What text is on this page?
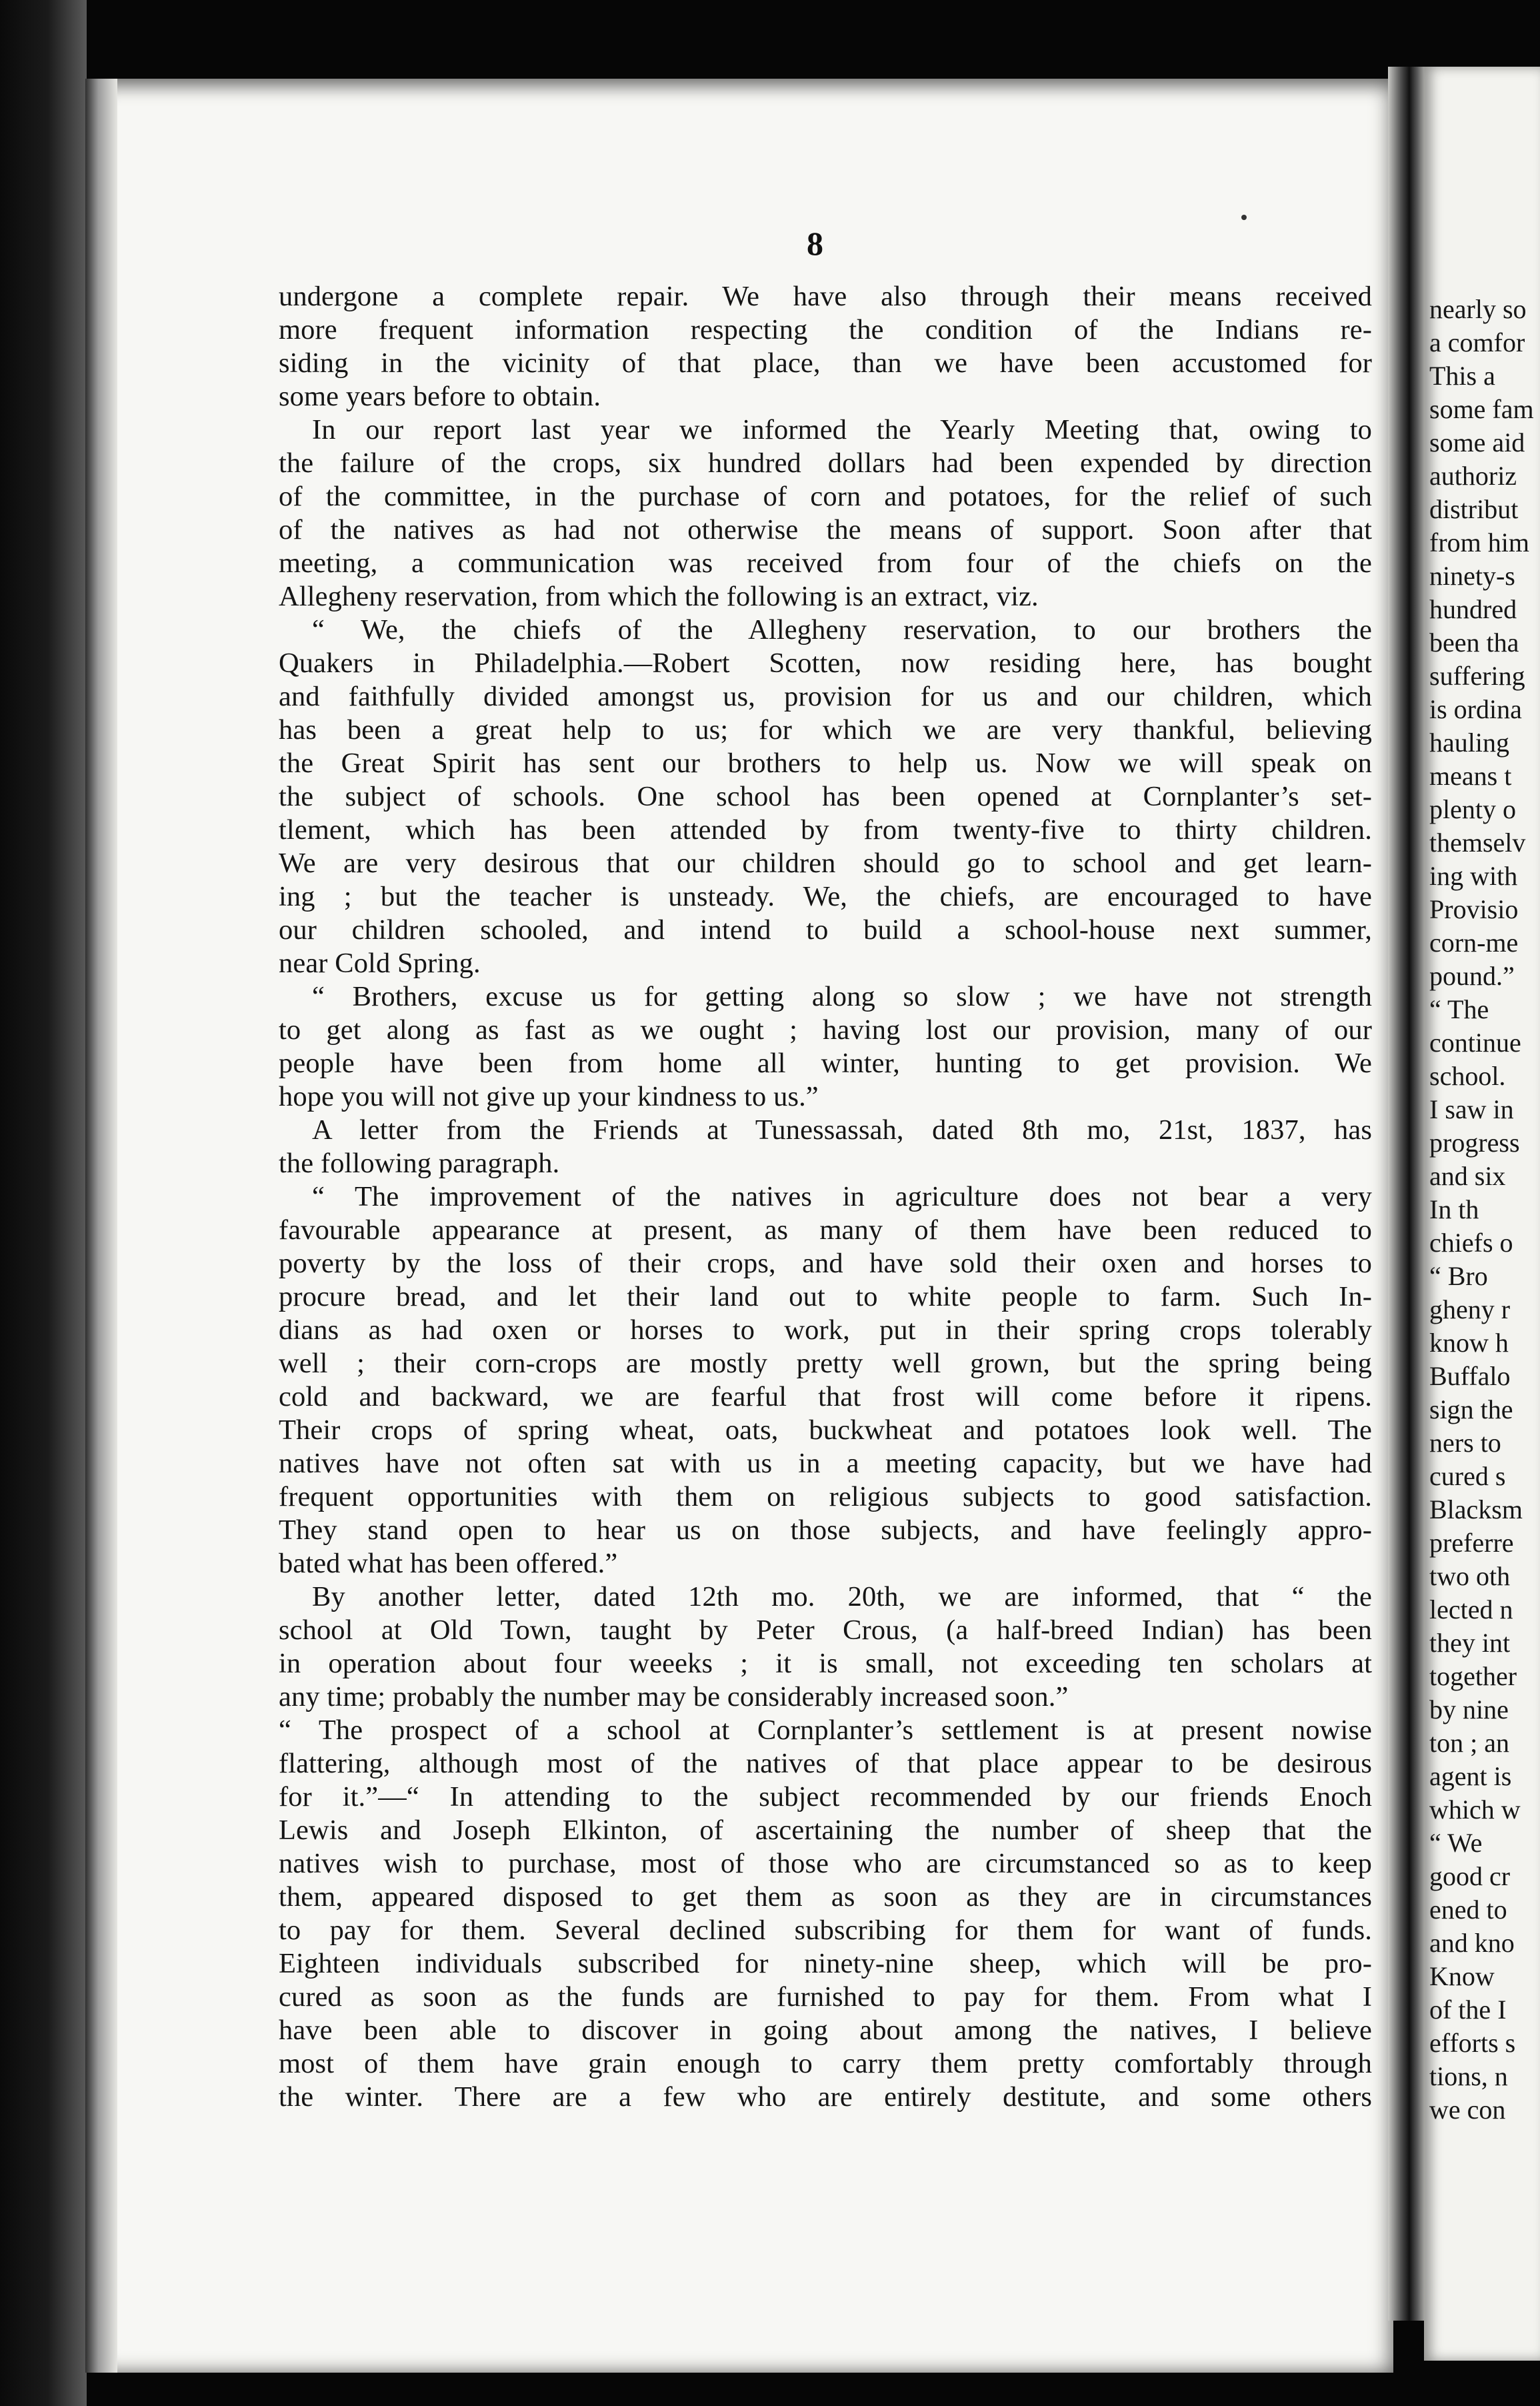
nearly so
a comfor
This a
some fam
some aid
authoriz
distribut
from him
ninety-s
hundred
been tha
suffering
is ordina
hauling
means t
plenty o
themselv
ing with
Provisio
corn-me
pound.”
“ The
continue
school.
I saw in
progress
and six
In th
chiefs o
“ Bro
gheny r
know h
Buffalo
sign the
ners to
cured s
Blacksm
preferre
two oth
lected n
they int
together
by nine
ton ; an
agent is
which w
“ We
good cr
ened to
and kno
Know
of the I
efforts s
tions, n
we con
8
undergone a complete repair. We have also through their means received
more frequent information respecting the condition of the Indians re-
siding in the vicinity of that place, than we have been accustomed for
some years before to obtain.
In our report last year we informed the Yearly Meeting that, owing to
the failure of the crops, six hundred dollars had been expended by direction
of the committee, in the purchase of corn and potatoes, for the relief of such
of the natives as had not otherwise the means of support. Soon after that
meeting, a communication was received from four of the chiefs on the
Allegheny reservation, from which the following is an extract, viz.
“ We, the chiefs of the Allegheny reservation, to our brothers the
Quakers in Philadelphia.—Robert Scotten, now residing here, has bought
and faithfully divided amongst us, provision for us and our children, which
has been a great help to us; for which we are very thankful, believing
the Great Spirit has sent our brothers to help us. Now we will speak on
the subject of schools. One school has been opened at Cornplanter’s set-
tlement, which has been attended by from twenty-five to thirty children.
We are very desirous that our children should go to school and get learn-
ing ; but the teacher is unsteady. We, the chiefs, are encouraged to have
our children schooled, and intend to build a school-house next summer,
near Cold Spring.
“ Brothers, excuse us for getting along so slow ; we have not strength
to get along as fast as we ought ; having lost our provision, many of our
people have been from home all winter, hunting to get provision. We
hope you will not give up your kindness to us.”
A letter from the Friends at Tunessassah, dated 8th mo, 21st, 1837, has
the following paragraph.
“ The improvement of the natives in agriculture does not bear a very
favourable appearance at present, as many of them have been reduced to
poverty by the loss of their crops, and have sold their oxen and horses to
procure bread, and let their land out to white people to farm. Such In-
dians as had oxen or horses to work, put in their spring crops tolerably
well ; their corn-crops are mostly pretty well grown, but the spring being
cold and backward, we are fearful that frost will come before it ripens.
Their crops of spring wheat, oats, buckwheat and potatoes look well. The
natives have not often sat with us in a meeting capacity, but we have had
frequent opportunities with them on religious subjects to good satisfaction.
They stand open to hear us on those subjects, and have feelingly appro-
bated what has been offered.”
By another letter, dated 12th mo. 20th, we are informed, that “ the
school at Old Town, taught by Peter Crous, (a half-breed Indian) has been
in operation about four weeeks ; it is small, not exceeding ten scholars at
any time; probably the number may be considerably increased soon.”
“ The prospect of a school at Cornplanter’s settlement is at present nowise
flattering, although most of the natives of that place appear to be desirous
for it.”—“ In attending to the subject recommended by our friends Enoch
Lewis and Joseph Elkinton, of ascertaining the number of sheep that the
natives wish to purchase, most of those who are circumstanced so as to keep
them, appeared disposed to get them as soon as they are in circumstances
to pay for them. Several declined subscribing for them for want of funds.
Eighteen individuals subscribed for ninety-nine sheep, which will be pro-
cured as soon as the funds are furnished to pay for them. From what I
have been able to discover in going about among the natives, I believe
most of them have grain enough to carry them pretty comfortably through
the winter. There are a few who are entirely destitute, and some others
